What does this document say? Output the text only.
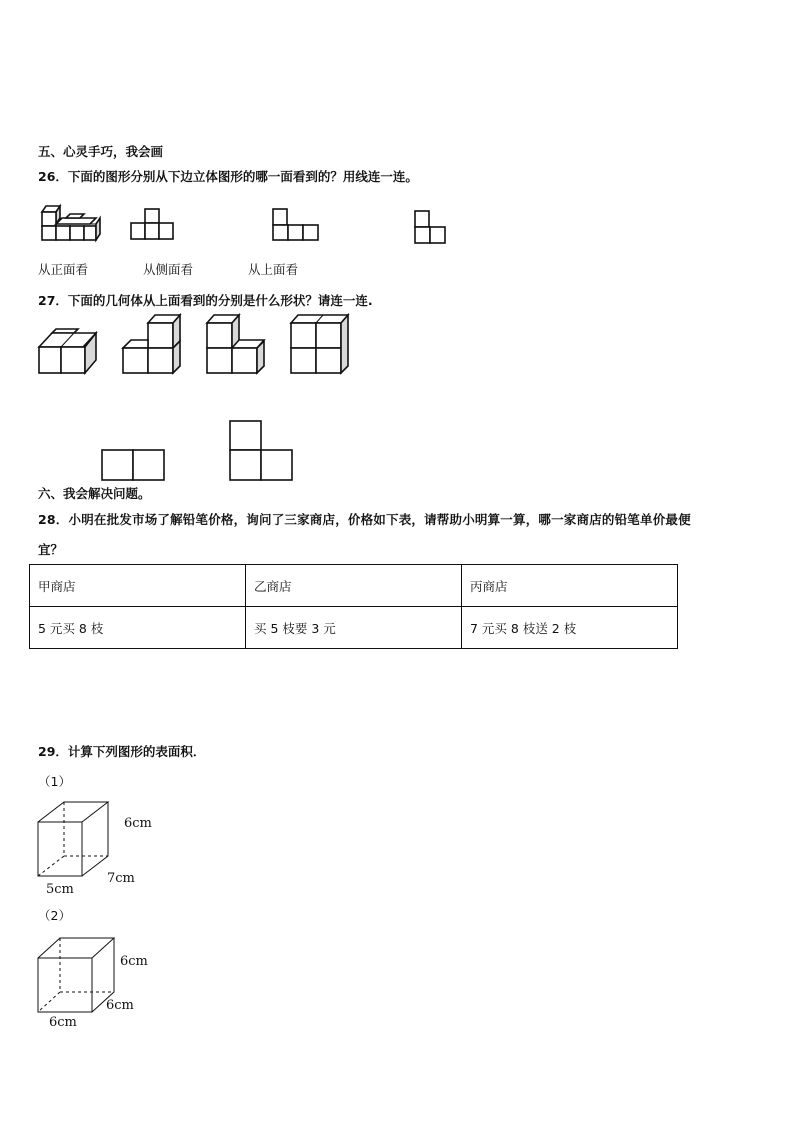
五、心灵手巧，我会画
26．下面的图形分别从下边立体图形的哪一面看到的？用线连一连。
从正面看	从侧面看	从上面看
27．下面的几何体从上面看到的分别是什么形状？请连一连.
六、我会解决问题。
28．小明在批发市场了解铅笔价格，询问了三家商店，价格如下表，请帮助小明算一算，哪一家商店的铅笔单价最便
宜？
甲商店	乙商店	丙商店
5 元买 8 枝	买 5 枝要 3 元	7 元买 8 枝送 2 枝
29．计算下列图形的表面积．
（1）
6cm
7cm
5cm
（2）
6cm
6cm
6cm
